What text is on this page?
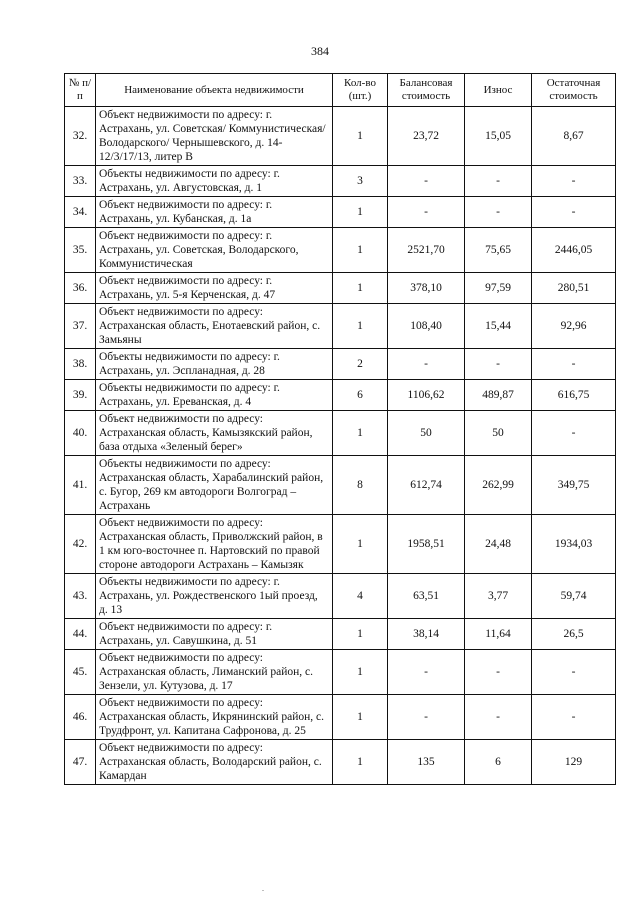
384
№ п/п	Наименование объекта недвижимости	Кол-во (шт.)	Балансовая стоимость	Износ	Остаточная стоимость
32.	Объект недвижимости по адресу: г. Астрахань, ул. Советская/ Коммунистическая/Володарского/ Чернышевского, д. 14-12/3/17/13, литер В	1	23,72	15,05	8,67
33.	Объекты недвижимости по адресу: г. Астрахань, ул. Августовская, д. 1	3	-	-	-
34.	Объект недвижимости по адресу: г. Астрахань, ул. Кубанская, д. 1а	1	-	-	-
35.	Объект недвижимости по адресу: г. Астрахань, ул. Советская, Володарского, Коммунистическая	1	2521,70	75,65	2446,05
36.	Объект недвижимости по адресу: г. Астрахань, ул. 5-я Керченская, д. 47	1	378,10	97,59	280,51
37.	Объект недвижимости по адресу: Астраханская область, Енотаевский район, с. Замьяны	1	108,40	15,44	92,96
38.	Объекты недвижимости по адресу: г. Астрахань, ул. Эспланадная, д. 28	2	-	-	-
39.	Объекты недвижимости по адресу: г. Астрахань, ул. Ереванская, д. 4	6	1106,62	489,87	616,75
40.	Объект недвижимости по адресу: Астраханская область, Камызякский район, база отдыха «Зеленый берег»	1	50	50	-
41.	Объекты недвижимости по адресу: Астраханская область, Харабалинский район, с. Бугор, 269 км автодороги Волгоград – Астрахань	8	612,74	262,99	349,75
42.	Объект недвижимости по адресу: Астраханская область, Приволжский район, в 1 км юго-восточнее п. Нартовский по правой стороне автодороги Астрахань – Камызяк	1	1958,51	24,48	1934,03
43.	Объекты недвижимости по адресу: г. Астрахань, ул. Рождественского 1ый проезд, д. 13	4	63,51	3,77	59,74
44.	Объект недвижимости по адресу: г. Астрахань, ул. Савушкина, д. 51	1	38,14	11,64	26,5
45.	Объект недвижимости по адресу: Астраханская область, Лиманский район, с. Зензели, ул. Кутузова, д. 17	1	-	-	-
46.	Объект недвижимости по адресу: Астраханская область, Икрянинский район, с. Трудфронт, ул. Капитана Сафронова, д. 25	1	-	-	-
47.	Объект недвижимости по адресу: Астраханская область, Володарский район, с. Камардан	1	135	6	129
.
